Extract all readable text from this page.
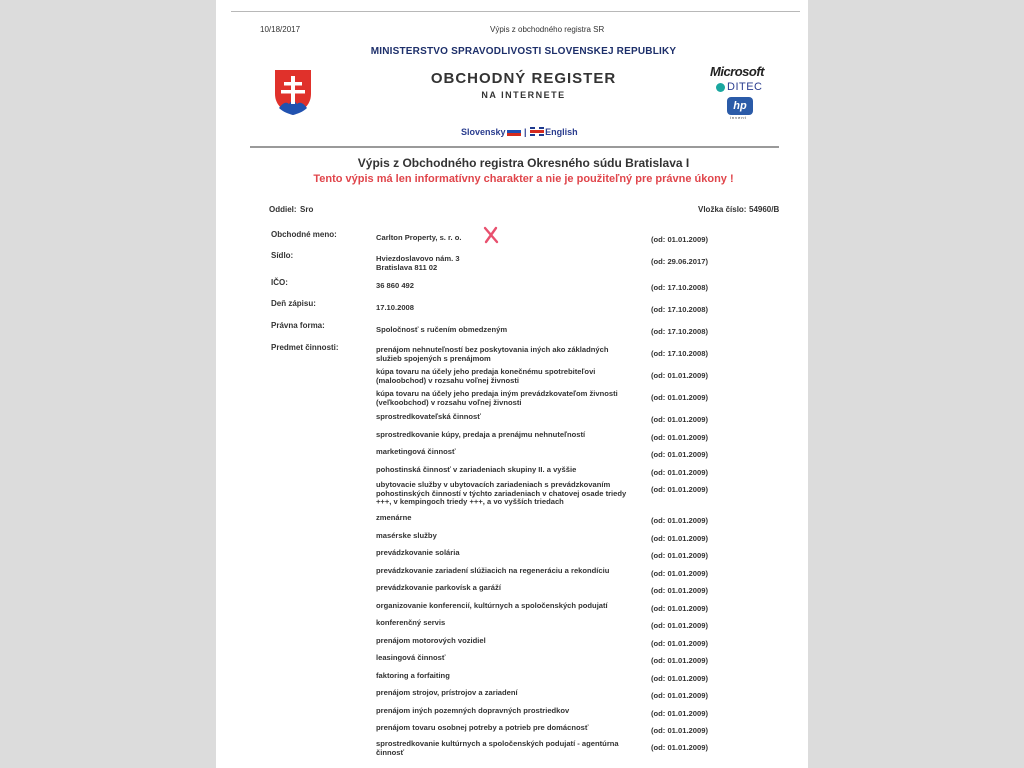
10/18/2017	Výpis z obchodného registra SR
MINISTERSTVO SPRAVODLIVOSTI SLOVENSKEJ REPUBLIKY
OBCHODNÝ REGISTER
NA INTERNETE
Microsoft
DITEC
hp
invent
Slovensky | English
Výpis z Obchodného registra Okresného súdu Bratislava I
Tento výpis má len informatívny charakter a nie je použiteľný pre právne úkony !
Oddiel: Sro	Vložka číslo: 54960/B
Obchodné meno:	Carlton Property, s. r. o.	(od: 01.01.2009)
Sídlo:	Hviezdoslavovo nám. 3 Bratislava 811 02
(od: 29.06.2017)
IČO:	36 860 492	(od: 17.10.2008)
Deň zápisu:	17.10.2008	(od: 17.10.2008)
Právna forma:	Spoločnosť s ručením obmedzeným	(od: 17.10.2008)
Predmet činnosti:	prenájom nehnuteľností bez poskytovania iných ako základných služieb spojených s prenájmom
(od: 17.10.2008)
kúpa tovaru na účely jeho predaja konečnému spotrebiteľovi (maloobchod) v rozsahu voľnej živnosti
(od: 01.01.2009)
kúpa tovaru na účely jeho predaja iným prevádzkovateľom živnosti (veľkoobchod) v rozsahu voľnej živnosti
(od: 01.01.2009)
sprostredkovateľská činnosť	(od: 01.01.2009)
sprostredkovanie kúpy, predaja a prenájmu nehnuteľností	(od: 01.01.2009)
marketingová činnosť	(od: 01.01.2009)
pohostinská činnosť v zariadeniach skupiny II. a vyššie	(od: 01.01.2009)
ubytovacie služby v ubytovacích zariadeniach s prevádzkovaním pohostinských činností v týchto zariadeniach v chatovej osade triedy +++, v kempingoch triedy +++, a vo vyšších triedach
(od: 01.01.2009)
zmenárne	(od: 01.01.2009)
masérske služby	(od: 01.01.2009)
prevádzkovanie solária	(od: 01.01.2009)
prevádzkovanie zariadení slúžiacich na regeneráciu a rekondíciu	(od: 01.01.2009)
prevádzkovanie parkovísk a garáží	(od: 01.01.2009)
organizovanie konferencií, kultúrnych a spoločenských podujatí	(od: 01.01.2009)
konferenčný servis	(od: 01.01.2009)
prenájom motorových vozidiel	(od: 01.01.2009)
leasingová činnosť	(od: 01.01.2009)
faktoring a forfaiting	(od: 01.01.2009)
prenájom strojov, prístrojov a zariadení	(od: 01.01.2009)
prenájom iných pozemných dopravných prostriedkov	(od: 01.01.2009)
prenájom tovaru osobnej potreby a potrieb pre domácnosť	(od: 01.01.2009)
sprostredkovanie kultúrnych a spoločenských podujatí - agentúrna činnosť
(od: 01.01.2009)
